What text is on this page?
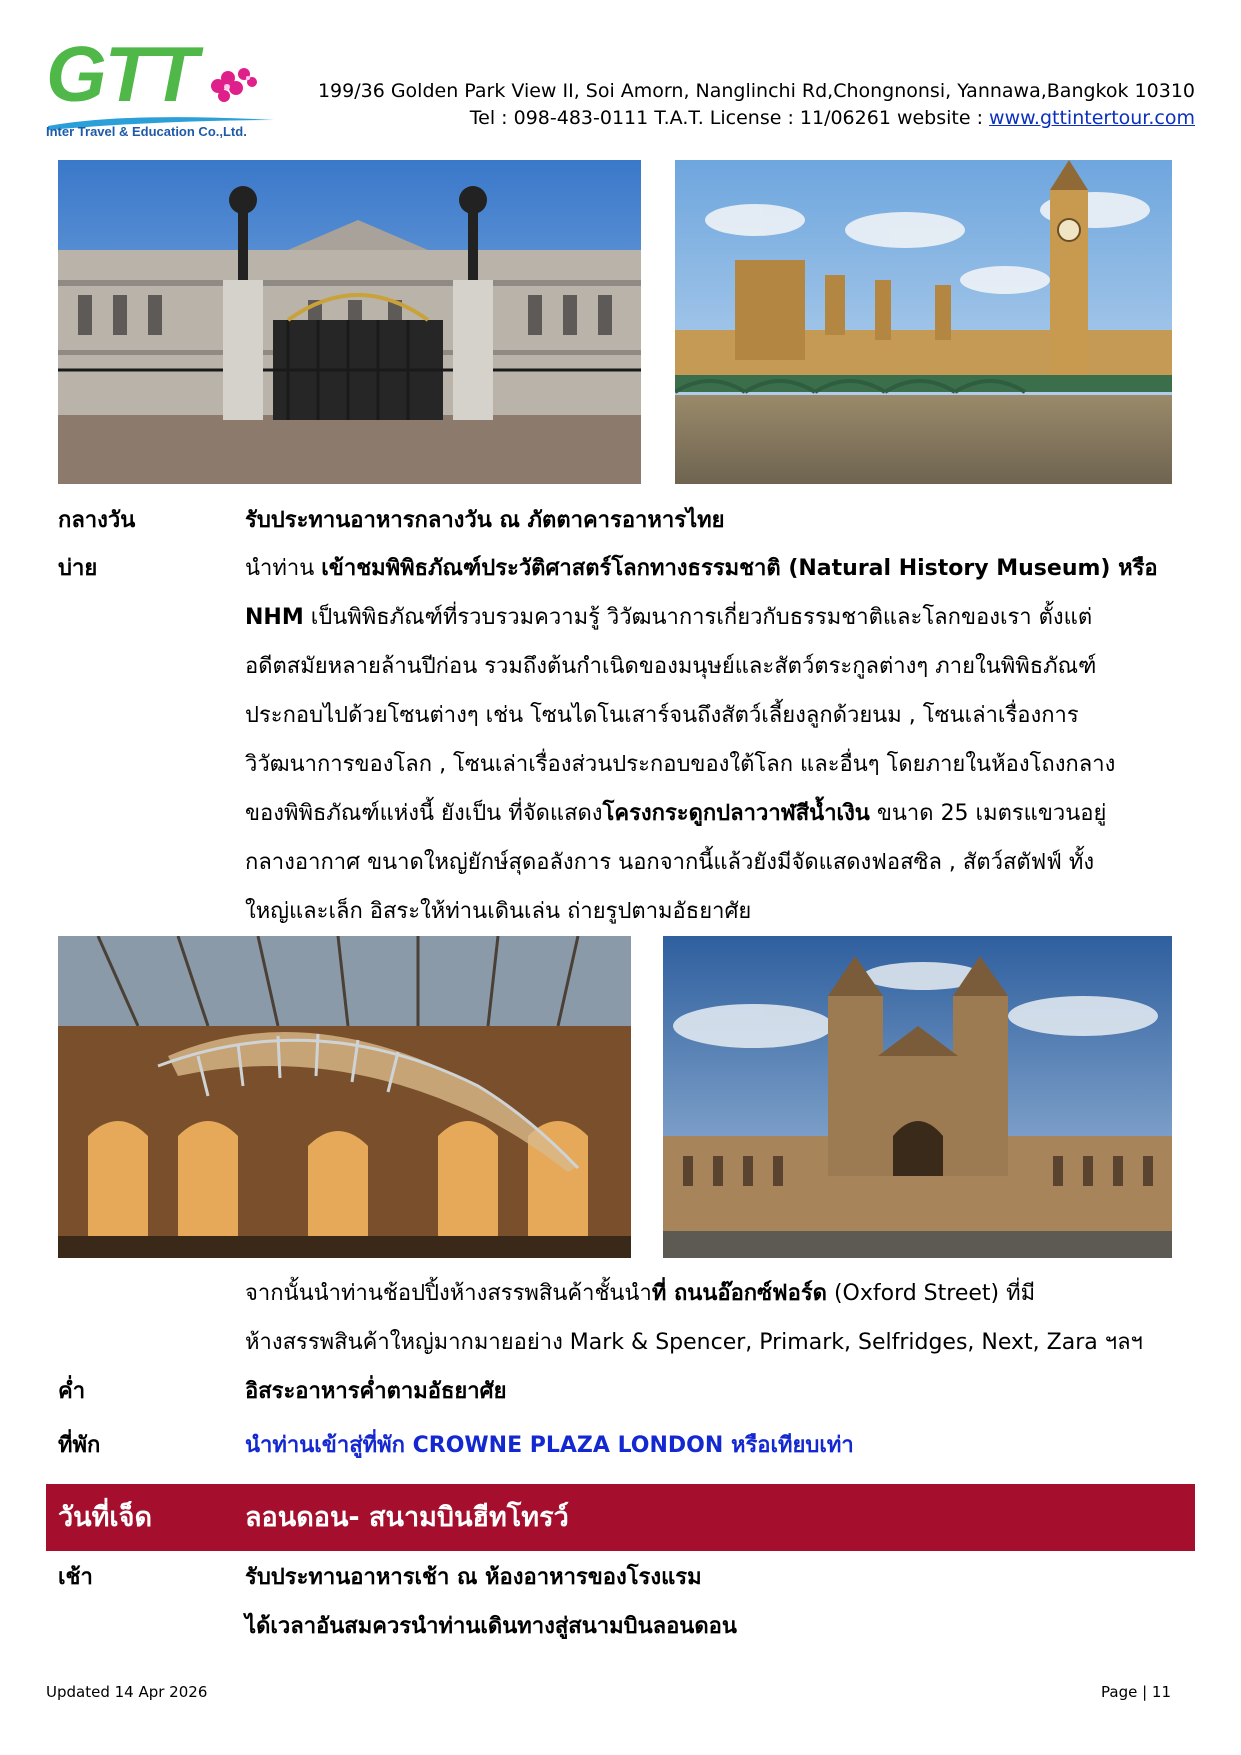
GTT
Inter Travel & Education Co.,Ltd.
199/36 Golden Park View II, Soi Amorn, Nanglinchi Rd,Chongnonsi, Yannawa,Bangkok 10310
Tel : 098-483-0111 T.A.T. License : 11/06261 website : www.gttintertour.com
กลางวัน	รับประทานอาหารกลางวัน ณ ภัตตาคารอาหารไทย
บ่าย	นำท่าน เข้าชมพิพิธภัณฑ์ประวัติศาสตร์โลกทางธรรมชาติ (Natural History Museum) หรือ
NHM เป็นพิพิธภัณฑ์ที่รวบรวมความรู้ วิวัฒนาการเกี่ยวกับธรรมชาติและโลกของเรา ตั้งแต่
อดีตสมัยหลายล้านปีก่อน รวมถึงต้นกำเนิดของมนุษย์และสัตว์ตระกูลต่างๆ ภายในพิพิธภัณฑ์
ประกอบไปด้วยโซนต่างๆ เช่น โซนไดโนเสาร์จนถึงสัตว์เลี้ยงลูกด้วยนม , โซนเล่าเรื่องการ
วิวัฒนาการของโลก , โซนเล่าเรื่องส่วนประกอบของใต้โลก และอื่นๆ โดยภายในห้องโถงกลาง
ของพิพิธภัณฑ์แห่งนี้ ยังเป็น ที่จัดแสดงโครงกระดูกปลาวาฬสีน้ำเงิน ขนาด 25 เมตรแขวนอยู่
กลางอากาศ ขนาดใหญ่ยักษ์สุดอลังการ นอกจากนี้แล้วยังมีจัดแสดงฟอสซิล , สัตว์สตัฟฟ์ ทั้ง
ใหญ่และเล็ก อิสระให้ท่านเดินเล่น ถ่ายรูปตามอัธยาศัย
จากนั้นนำท่านช้อปปิ้งห้างสรรพสินค้าชั้นนำที่ ถนนอ๊อกซ์ฟอร์ด (Oxford Street) ที่มี
ห้างสรรพสินค้าใหญ่มากมายอย่าง Mark & Spencer, Primark, Selfridges, Next, Zara ฯลฯ
ค่ำ	อิสระอาหารค่ำตามอัธยาศัย
ที่พัก	นำท่านเข้าสู่ที่พัก CROWNE PLAZA LONDON หรือเทียบเท่า
วันที่เจ็ด	ลอนดอน- สนามบินฮีทโทรว์
เช้า	รับประทานอาหารเช้า ณ ห้องอาหารของโรงแรม
ได้เวลาอันสมควรนำท่านเดินทางสู่สนามบินลอนดอน
Updated 14 Apr 2026	Page | 11
